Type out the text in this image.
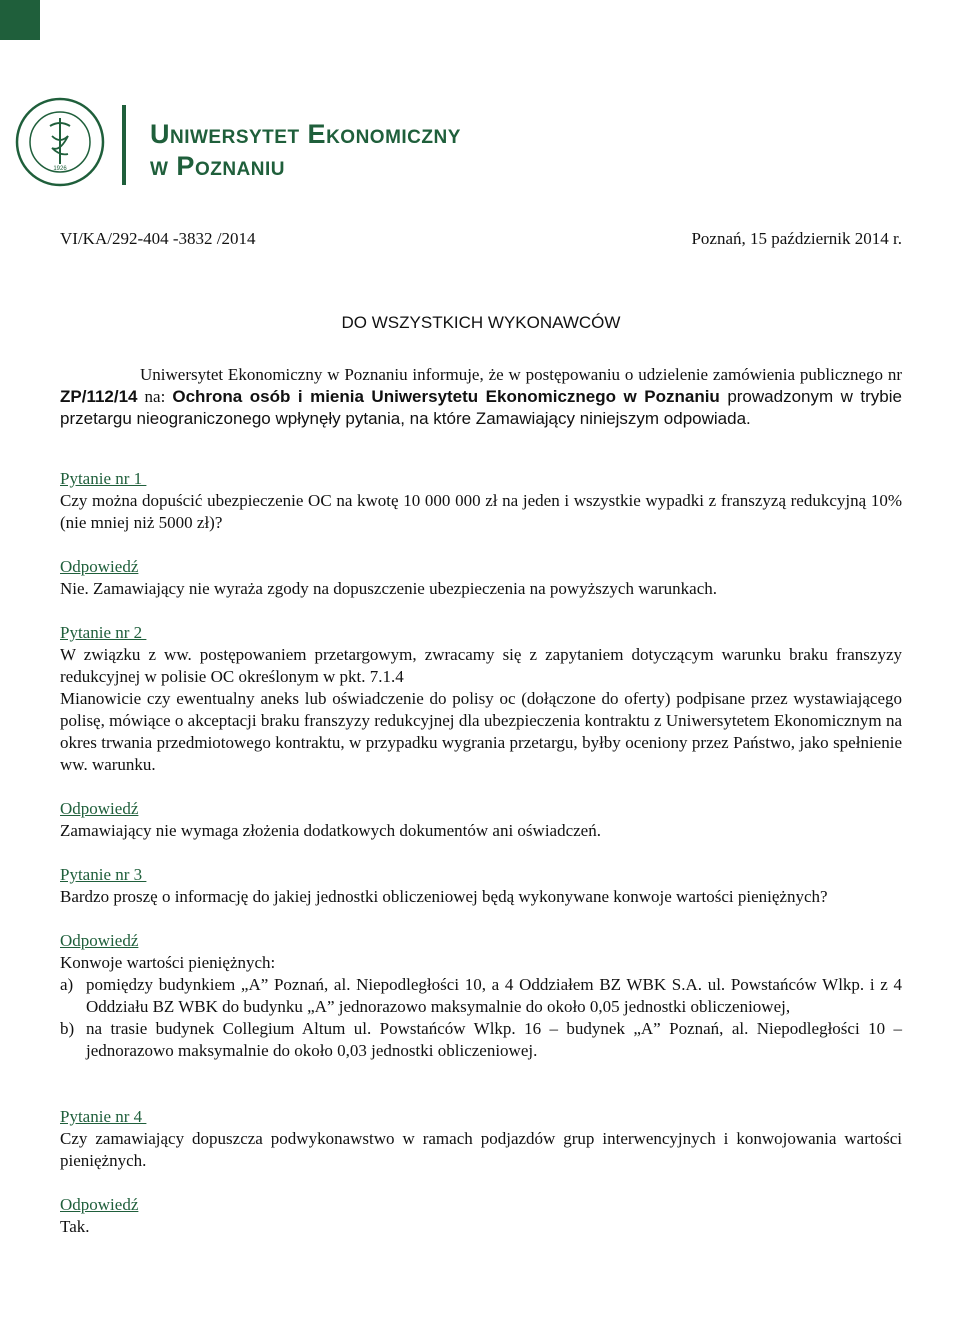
1926
Uniwersytet Ekonomiczny
w Poznaniu
VI/KA/292-404 -3832 /2014	Poznań, 15 październik 2014 r.
DO WSZYSTKICH WYKONAWCÓW
Uniwersytet Ekonomiczny w Poznaniu informuje, że w postępowaniu o udzielenie zamówienia publicznego nr ZP/112/14 na: Ochrona osób i mienia Uniwersytetu Ekonomicznego w Poznaniu prowadzonym w trybie przetargu nieograniczonego wpłynęły pytania, na które Zamawiający niniejszym odpowiada.
Pytanie nr 1
Czy można dopuścić ubezpieczenie OC na kwotę 10 000 000 zł na jeden i wszystkie wypadki z franszyzą redukcyjną 10% (nie mniej niż 5000 zł)?
Odpowiedź
Nie. Zamawiający nie wyraża zgody na dopuszczenie ubezpieczenia na powyższych warunkach.
Pytanie nr 2
W związku z ww. postępowaniem przetargowym, zwracamy się z zapytaniem dotyczącym warunku braku franszyzy redukcyjnej w polisie OC określonym w pkt. 7.1.4
Mianowicie czy ewentualny aneks lub oświadczenie do polisy oc (dołączone do oferty) podpisane przez wystawiającego polisę, mówiące o akceptacji braku franszyzy redukcyjnej dla ubezpieczenia kontraktu z Uniwersytetem Ekonomicznym na okres trwania przedmiotowego kontraktu, w przypadku wygrania przetargu, byłby oceniony przez Państwo, jako spełnienie ww. warunku.
Odpowiedź
Zamawiający nie wymaga złożenia dodatkowych dokumentów ani oświadczeń.
Pytanie nr 3
Bardzo proszę o informację do jakiej jednostki obliczeniowej będą wykonywane konwoje wartości pieniężnych?
Odpowiedź
Konwoje wartości pieniężnych:
a) pomiędzy budynkiem „A” Poznań, al. Niepodległości 10, a 4 Oddziałem BZ WBK S.A. ul. Powstańców Wlkp. i z 4 Oddziału BZ WBK do budynku „A” jednorazowo maksymalnie do około 0,05 jednostki obliczeniowej,
b) na trasie budynek Collegium Altum ul. Powstańców Wlkp. 16 – budynek „A” Poznań, al. Niepodległości 10 – jednorazowo maksymalnie do około 0,03 jednostki obliczeniowej.
Pytanie nr 4
Czy zamawiający dopuszcza podwykonawstwo w ramach podjazdów grup interwencyjnych i konwojowania wartości pieniężnych.
Odpowiedź
Tak.
